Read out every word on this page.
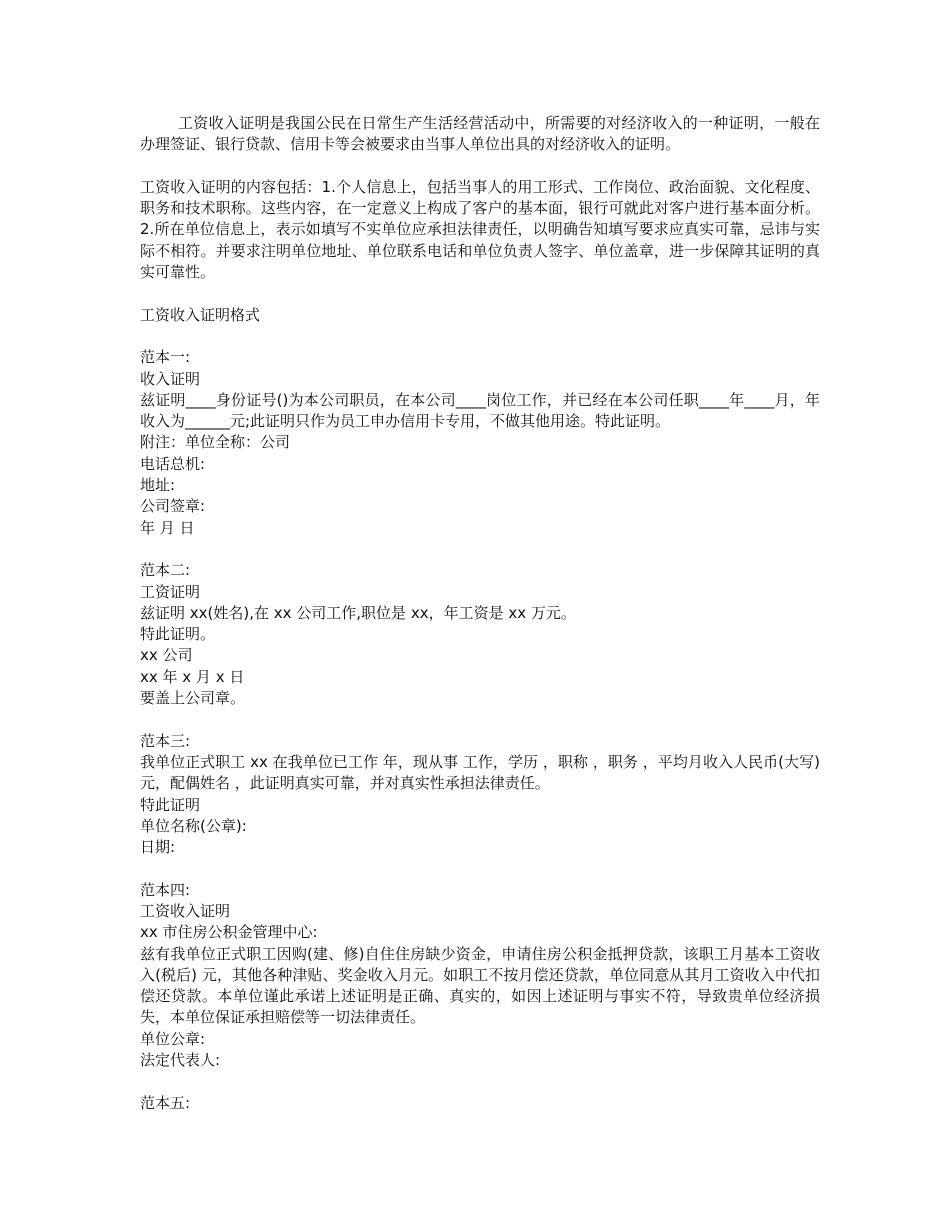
工资收入证明是我国公民在日常生产生活经营活动中，所需要的对经济收入的一种证明，一般在办理签证、银行贷款、信用卡等会被要求由当事人单位出具的对经济收入的证明。

工资收入证明的内容包括：1.个人信息上，包括当事人的用工形式、工作岗位、政治面貌、文化程度、职务和技术职称。这些内容，在一定意义上构成了客户的基本面，银行可就此对客户进行基本面分析。2.所在单位信息上，表示如填写不实单位应承担法律责任，以明确告知填写要求应真实可靠，忌讳与实际不相符。并要求注明单位地址、单位联系电话和单位负责人签字、单位盖章，进一步保障其证明的真实可靠性。

工资收入证明格式

范本一:

收入证明

兹证明____身份证号()为本公司职员，在本公司____岗位工作，并已经在本公司任职____年____月，年收入为______元;此证明只作为员工申办信用卡专用，不做其他用途。特此证明。

附注：单位全称：公司

电话总机:

地址:

公司签章:

年 月 日

范本二:

工资证明

兹证明 xx(姓名),在 xx 公司工作,职位是 xx，年工资是 xx 万元。

特此证明。

xx 公司

xx 年 x 月 x 日

要盖上公司章。

范本三:

我单位正式职工 xx 在我单位已工作 年，现从事 工作，学历 ，职称 ，职务 ，平均月收入人民币(大写) 元，配偶姓名 ，此证明真实可靠，并对真实性承担法律责任。

特此证明

单位名称(公章):

日期:

范本四:

工资收入证明

xx 市住房公积金管理中心:

兹有我单位正式职工因购(建、修)自住住房缺少资金，申请住房公积金抵押贷款，该职工月基本工资收入(税后) 元，其他各种津贴、奖金收入月元。如职工不按月偿还贷款，单位同意从其月工资收入中代扣偿还贷款。本单位谨此承诺上述证明是正确、真实的，如因上述证明与事实不符，导致贵单位经济损失，本单位保证承担赔偿等一切法律责任。

单位公章:

法定代表人:

范本五:
